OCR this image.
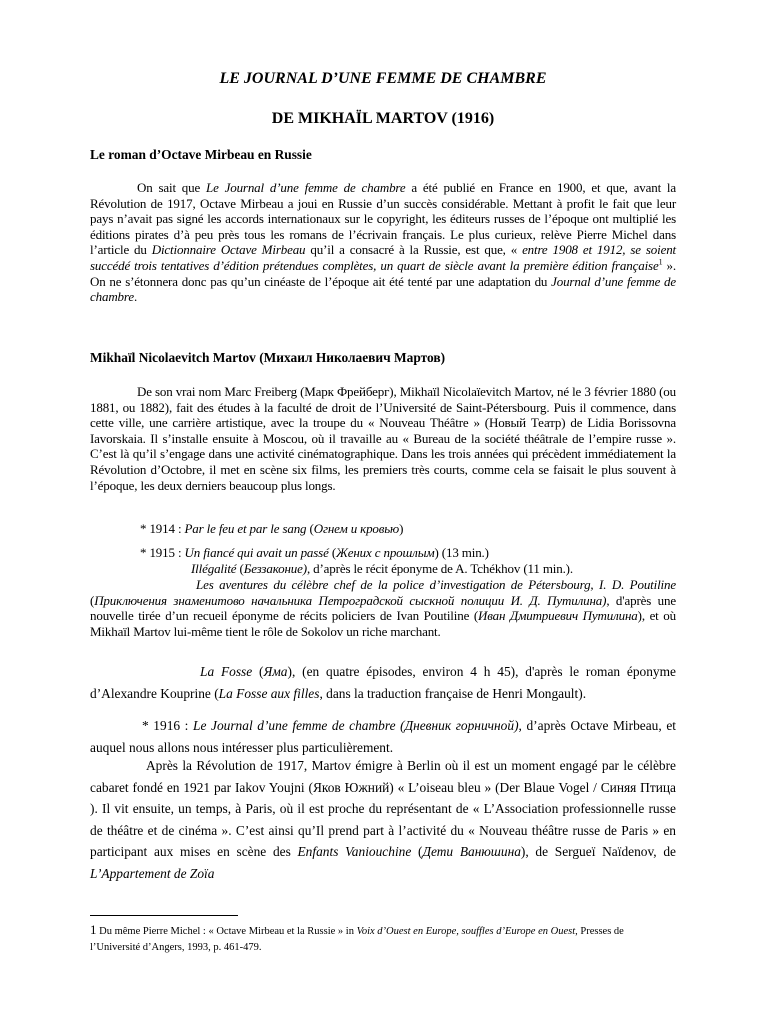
LE JOURNAL D’UNE FEMME DE CHAMBRE
DE MIKHAÏL MARTOV (1916)
Le roman d’Octave Mirbeau en Russie

On sait que Le Journal d’une femme de chambre a été publié en France en 1900, et que, avant la Révolution de 1917, Octave Mirbeau a joui en Russie d’un succès considérable. Mettant à profit le fait que leur pays n’avait pas signé les accords internationaux sur le copyright, les éditeurs russes de l’époque ont multiplié les éditions pirates d’à peu près tous les romans de l’écrivain français. Le plus curieux, relève Pierre Michel dans l’article du Dictionnaire Octave Mirbeau qu’il a consacré à la Russie, est que, « entre 1908 et 1912, se soient succédé trois tentatives d’édition prétendues complètes, un quart de siècle avant la première édition française$^1$ ». On ne s’étonnera donc pas qu’un cinéaste de l’époque ait été tenté par une adaptation du Journal d’une femme de chambre.

Mikhaïl Nicolaevitch Martov (Михаил Николаевич Мартов)

De son vrai nom Marc Freiberg (Марк Фрейберг), Mikhaïl Nicolaïevitch Martov, né le 3 février 1880 (ou 1881, ou 1882), fait des études à la faculté de droit de l’Université de Saint-Pétersbourg. Puis il commence, dans cette ville, une carrière artistique, avec la troupe du « Nouveau Théâtre » (Новый Театр) de Lidia Borissovna Iavorskaia. Il s’installe ensuite à Moscou, où il travaille au « Bureau de la société théâtrale de l’empire russe ». C’est là qu’il s’engage dans une activité cinématographique. Dans les trois années qui précèdent immédiatement la Révolution d’Octobre, il met en scène six films, les premiers très courts, comme cela se faisait le plus souvent à l’époque, les deux derniers beaucoup plus longs.

* 1914 : Par le feu et par le sang (Огнем и кровью)

* 1915 : Un fiancé qui avait un passé (Жених с прошлым) (13 min.)

Illégalité (Беззаконие), d’après le récit éponyme de A. Tchékhov (11 min.).

Les aventures du célèbre chef de la police d’investigation de Pétersbourg, I. D. Poutiline (Приключения знаменитово начальника Петроградской сыскной полиции И. Д. Путилина), d'après une nouvelle tirée d’un recueil éponyme de récits policiers de Ivan Poutiline (Иван Дмитриевич Путилина), et où Mikhaïl Martov lui-même tient le rôle de Sokolov un riche marchant.

La Fosse (Яма), (en quatre épisodes, environ 4 h 45), d'après le roman éponyme d’Alexandre Kouprine (La Fosse aux filles, dans la traduction française de Henri Mongault).

* 1916 : Le Journal d’une femme de chambre (Дневник горничной), d’après Octave Mirbeau, et auquel nous allons nous intéresser plus particulièrement.

Après la Révolution de 1917, Martov émigre à Berlin où il est un moment engagé par le célèbre cabaret fondé en 1921 par Iakov Youjni (Яков Южний) « L’oiseau bleu » (Der Blaue Vogel / Синяя Птица ). Il vit ensuite, un temps, à Paris, où il est proche du représentant de « L’Association professionnelle russe de théâtre et de cinéma ». C’est ainsi qu’Il prend part à l’activité du « Nouveau théâtre russe de Paris » en participant aux mises en scène des Enfants Vaniouchine (Дети Ванюшина), de Sergueï Naïdenov, de L’Appartement de Zoïa

1 Du même Pierre Michel : « Octave Mirbeau et la Russie » in Voix d’Ouest en Europe, souffles d’Europe en Ouest, Presses de l’Université d’Angers, 1993, p. 461-479.
